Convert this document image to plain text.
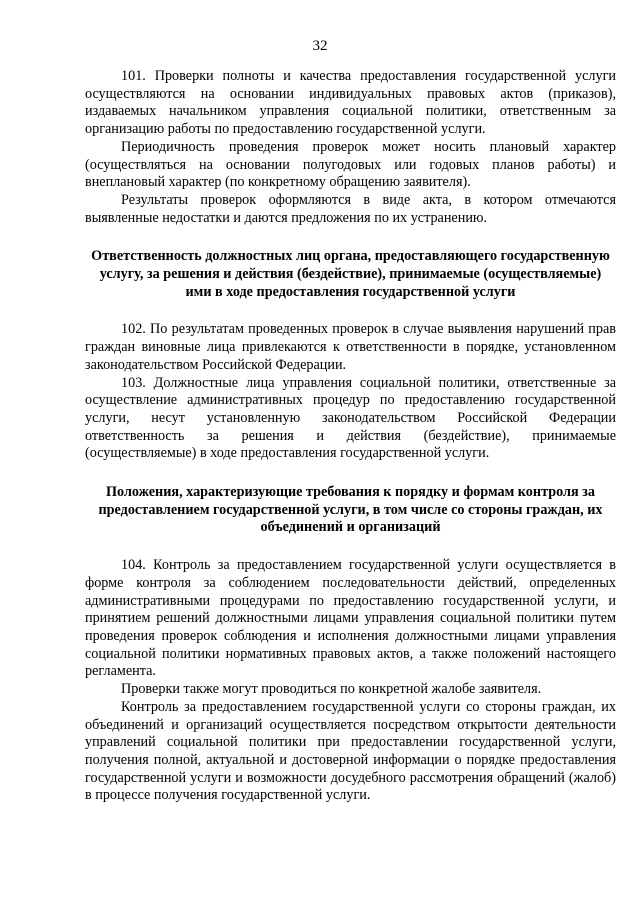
32

101. Проверки полноты и качества предоставления государственной услуги осуществляются на основании индивидуальных правовых актов (приказов), издаваемых начальником управления социальной политики, ответственным за организацию работы по предоставлению государственной услуги.

Периодичность проведения проверок может носить плановый характер (осуществляться на основании полугодовых или годовых планов работы) и внеплановый характер (по конкретному обращению заявителя).

Результаты проверок оформляются в виде акта, в котором отмечаются выявленные недостатки и даются предложения по их устранению.

Ответственность должностных лиц органа, предоставляющего государственную услугу, за решения и действия (бездействие), принимаемые (осуществляемые) ими в ходе предоставления государственной услуги

102. По результатам проведенных проверок в случае выявления нарушений прав граждан виновные лица привлекаются к ответственности в порядке, установленном законодательством Российской Федерации.

103. Должностные лица управления социальной политики, ответственные за осуществление административных процедур по предоставлению государственной услуги, несут установленную законодательством Российской Федерации ответственность за решения и действия (бездействие), принимаемые (осуществляемые) в ходе предоставления государственной услуги.

Положения, характеризующие требования к порядку и формам контроля за предоставлением государственной услуги, в том числе со стороны граждан, их объединений и организаций

104. Контроль за предоставлением государственной услуги осуществляется в форме контроля за соблюдением последовательности действий, определенных административными процедурами по предоставлению государственной услуги, и принятием решений должностными лицами управления социальной политики путем проведения проверок соблюдения и исполнения должностными лицами управления социальной политики нормативных правовых актов, а также положений настоящего регламента.

Проверки также могут проводиться по конкретной жалобе заявителя.

Контроль за предоставлением государственной услуги со стороны граждан, их объединений и организаций осуществляется посредством открытости деятельности управлений социальной политики при предоставлении государственной услуги, получения полной, актуальной и достоверной информации о порядке предоставления государственной услуги и возможности досудебного рассмотрения обращений (жалоб) в процессе получения государственной услуги.
